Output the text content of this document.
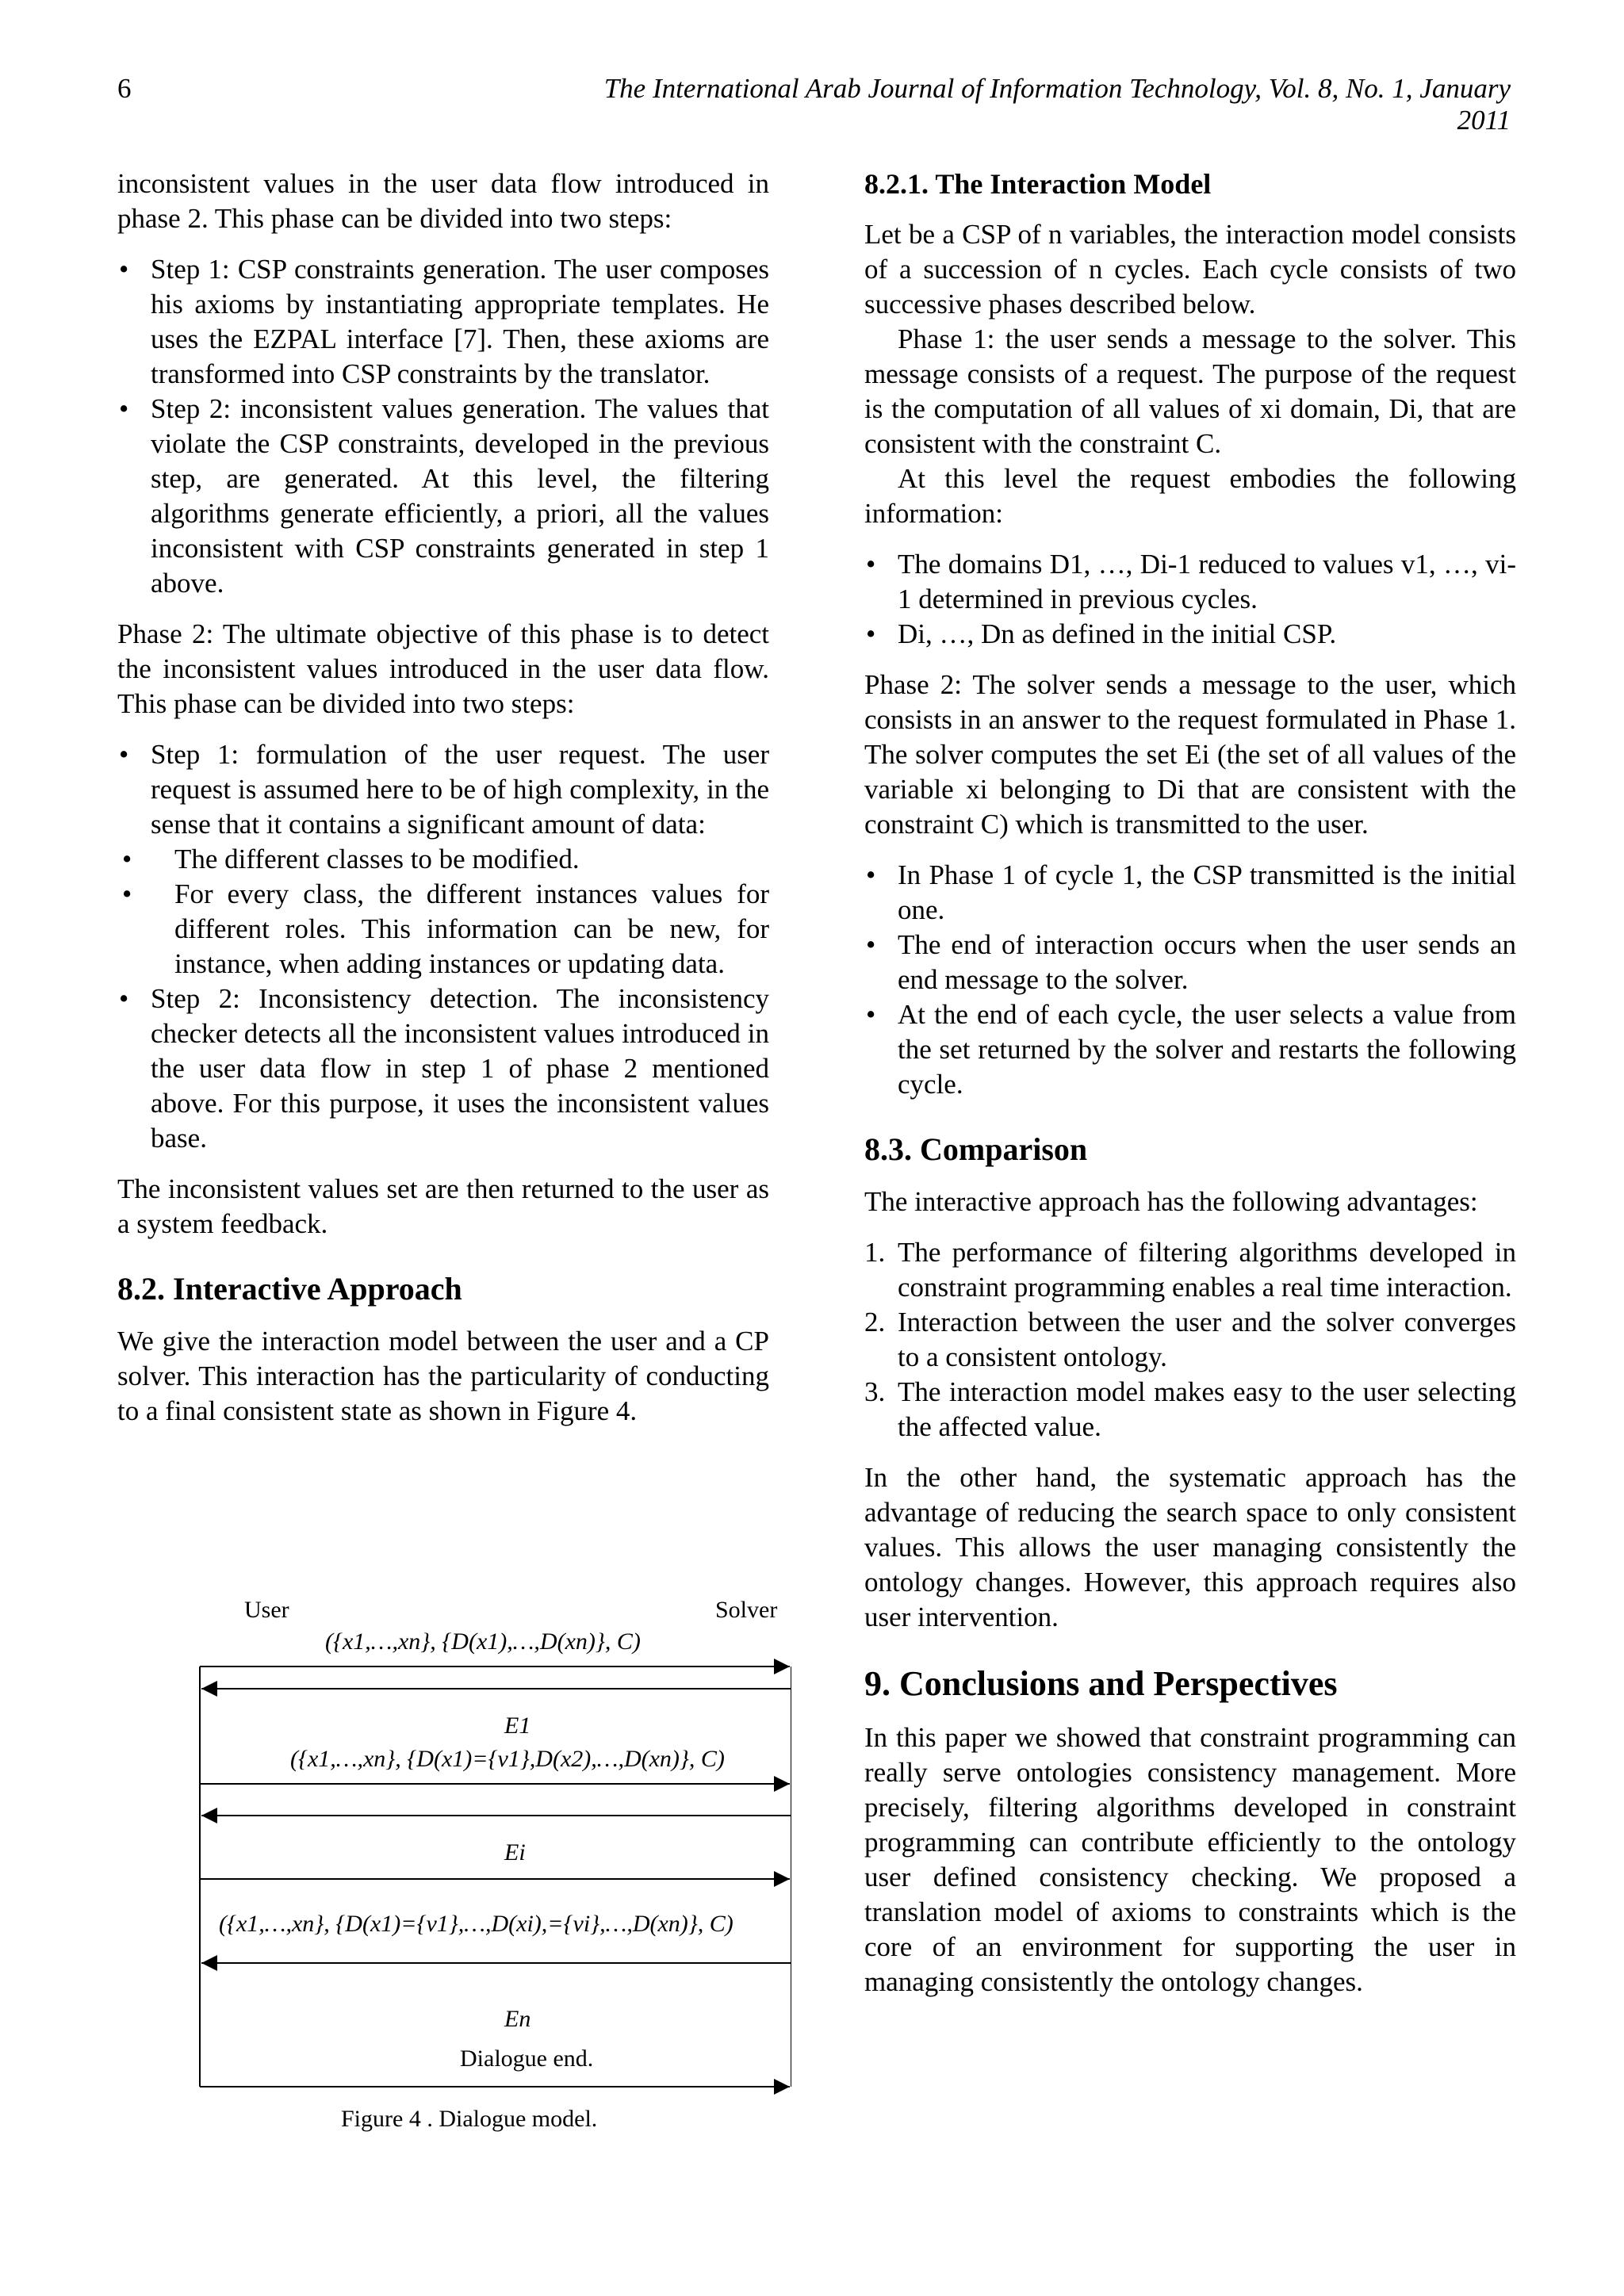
6	The International Arab Journal of Information Technology, Vol. 8, No. 1, January 2011

inconsistent values in the user data flow introduced in phase 2. This phase can be divided into two steps:

• Step 1: CSP constraints generation. The user composes his axioms by instantiating appropriate templates. He uses the EZPAL interface [7]. Then, these axioms are transformed into CSP constraints by the translator.
• Step 2: inconsistent values generation. The values that violate the CSP constraints, developed in the previous step, are generated. At this level, the filtering algorithms generate efficiently, a priori, all the values inconsistent with CSP constraints generated in step 1 above.

Phase 2: The ultimate objective of this phase is to detect the inconsistent values introduced in the user data flow. This phase can be divided into two steps:

• Step 1: formulation of the user request. The user request is assumed here to be of high complexity, in the sense that it contains a significant amount of data:
• The different classes to be modified.
• For every class, the different instances values for different roles. This information can be new, for instance, when adding instances or updating data.
• Step 2: Inconsistency detection. The inconsistency checker detects all the inconsistent values introduced in the user data flow in step 1 of phase 2 mentioned above. For this purpose, it uses the inconsistent values base.

The inconsistent values set are then returned to the user as a system feedback.

8.2. Interactive Approach

We give the interaction model between the user and a CP solver. This interaction has the particularity of conducting to a final consistent state as shown in Figure 4.

User	Solver
({x1,…,xn}, {D(x1),…,D(xn)}, C)
E1
({x1,…,xn}, {D(x1)={v1},D(x2),…,D(xn)}, C)
Ei
({x1,…,xn}, {D(x1)={v1},…,D(xi),={vi},…,D(xn)}, C)
En
Dialogue end.
Figure 4 . Dialogue model.
8.2.1. The Interaction Model

Let be a CSP of n variables, the interaction model consists of a succession of n cycles. Each cycle consists of two successive phases described below.

Phase 1: the user sends a message to the solver. This message consists of a request. The purpose of the request is the computation of all values of xi domain, Di, that are consistent with the constraint C.

At this level the request embodies the following information:

• The domains D1, …, Di-1 reduced to values v1, …, vi-1 determined in previous cycles.
• Di, …, Dn as defined in the initial CSP.

Phase 2: The solver sends a message to the user, which consists in an answer to the request formulated in Phase 1. The solver computes the set Ei (the set of all values of the variable xi belonging to Di that are consistent with the constraint C) which is transmitted to the user.

• In Phase 1 of cycle 1, the CSP transmitted is the initial one.
• The end of interaction occurs when the user sends an end message to the solver.
• At the end of each cycle, the user selects a value from the set returned by the solver and restarts the following cycle.
8.3. Comparison

The interactive approach has the following advantages:

1. The performance of filtering algorithms developed in constraint programming enables a real time interaction.
2. Interaction between the user and the solver converges to a consistent ontology.
3. The interaction model makes easy to the user selecting the affected value.

In the other hand, the systematic approach has the advantage of reducing the search space to only consistent values. This allows the user managing consistently the ontology changes. However, this approach requires also user intervention.

9. Conclusions and Perspectives

In this paper we showed that constraint programming can really serve ontologies consistency management. More precisely, filtering algorithms developed in constraint programming can contribute efficiently to the ontology user defined consistency checking. We proposed a translation model of axioms to constraints which is the core of an environment for supporting the user in managing consistently the ontology changes.
